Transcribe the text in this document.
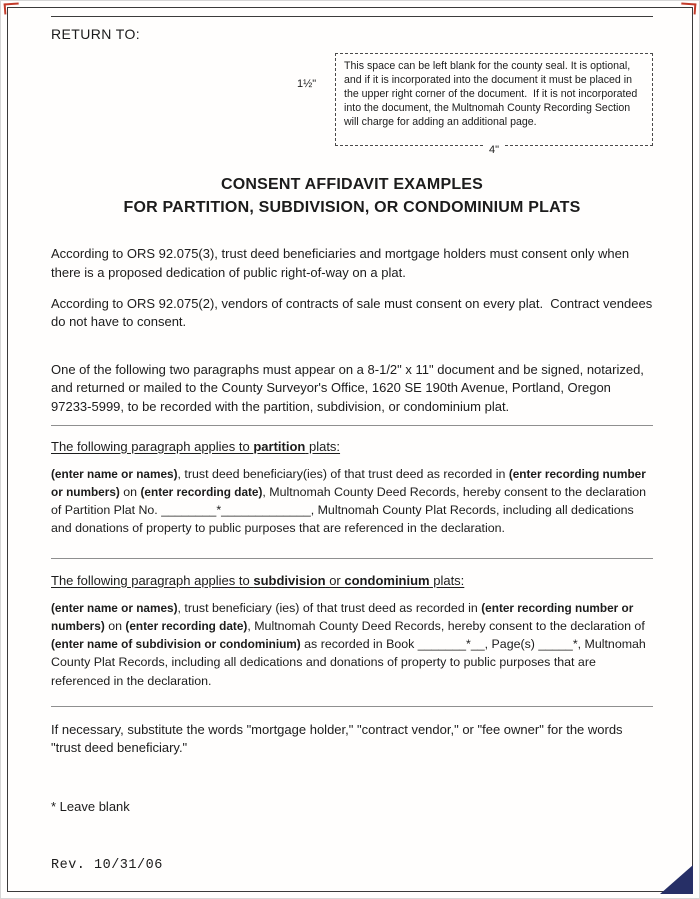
RETURN TO:
1½"
This space can be left blank for the county seal. It is optional, and if it is incorporated into the document it must be placed in the upper right corner of the document.  If it is not incorporated into the document, the Multnomah County Recording Section will charge for adding an additional page.
4"
CONSENT AFFIDAVIT EXAMPLES
FOR PARTITION, SUBDIVISION, OR CONDOMINIUM PLATS

According to ORS 92.075(3), trust deed beneficiaries and mortgage holders must consent only when there is a proposed dedication of public right-of-way on a plat.

According to ORS 92.075(2), vendors of contracts of sale must consent on every plat.  Contract vendees do not have to consent.

One of the following two paragraphs must appear on a 8-1/2" x 11" document and be signed, notarized, and returned or mailed to the County Surveyor's Office, 1620 SE 190th Avenue, Portland, Oregon 97233-5999, to be recorded with the partition, subdivision, or condominium plat.

The following paragraph applies to partition plats:

(enter name or names), trust deed beneficiary(ies) of that trust deed as recorded in (enter recording number or numbers) on (enter recording date), Multnomah County Deed Records, hereby consent to the declaration of Partition Plat No. ________*_____________, Multnomah County Plat Records, including all dedications and donations of property to public purposes that are referenced in the declaration.

The following paragraph applies to subdivision or condominium plats:

(enter name or names), trust beneficiary (ies) of that trust deed as recorded in (enter recording number or numbers) on (enter recording date), Multnomah County Deed Records, hereby consent to the declaration of (enter name of subdivision or condominium) as recorded in Book _______*__, Page(s) _____*, Multnomah County Plat Records, including all dedications and donations of property to public purposes that are referenced in the declaration.

If necessary, substitute the words "mortgage holder," "contract vendor," or "fee owner" for the words "trust deed beneficiary."

* Leave blank

Rev. 10/31/06
